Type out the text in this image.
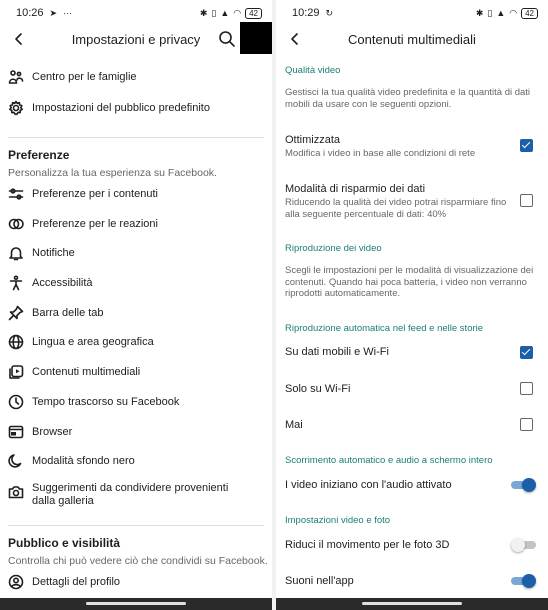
10:26 ➤ ···	✱ ▯ ▲ ◠	42
Impostazioni e privacy
Centro per le famiglie
Impostazioni del pubblico predefinito
Preferenze
Personalizza la tua esperienza su Facebook.
Preferenze per i contenuti
Preferenze per le reazioni
Notifiche
Accessibilità
Barra delle tab
Lingua e area geografica
Contenuti multimediali
Tempo trascorso su Facebook
Browser
Modalità sfondo nero
Suggerimenti da condividere provenienti dalla galleria
Pubblico e visibilità
Controlla chi può vedere ciò che condividi su Facebook.
Dettagli del profilo
10:29 ↻	✱ ▯ ▲ ◠	42
Contenuti multimediali
Qualità video
Gestisci la tua qualità video predefinita e la quantità di dati mobili da usare con le seguenti opzioni.
Ottimizzata
Modifica i video in base alle condizioni di rete
Modalità di risparmio dei dati
Riducendo la qualità dei video potrai risparmiare fino alla seguente percentuale di dati: 40%
Riproduzione dei video
Scegli le impostazioni per le modalità di visualizzazione dei contenuti. Quando hai poca batteria, i video non verranno riprodotti automaticamente.
Riproduzione automatica nel feed e nelle storie
Su dati mobili e Wi-Fi
Solo su Wi-Fi
Mai
Scorrimento automatico e audio a schermo intero
I video iniziano con l'audio attivato
Impostazioni video e foto
Riduci il movimento per le foto 3D
Suoni nell'app
